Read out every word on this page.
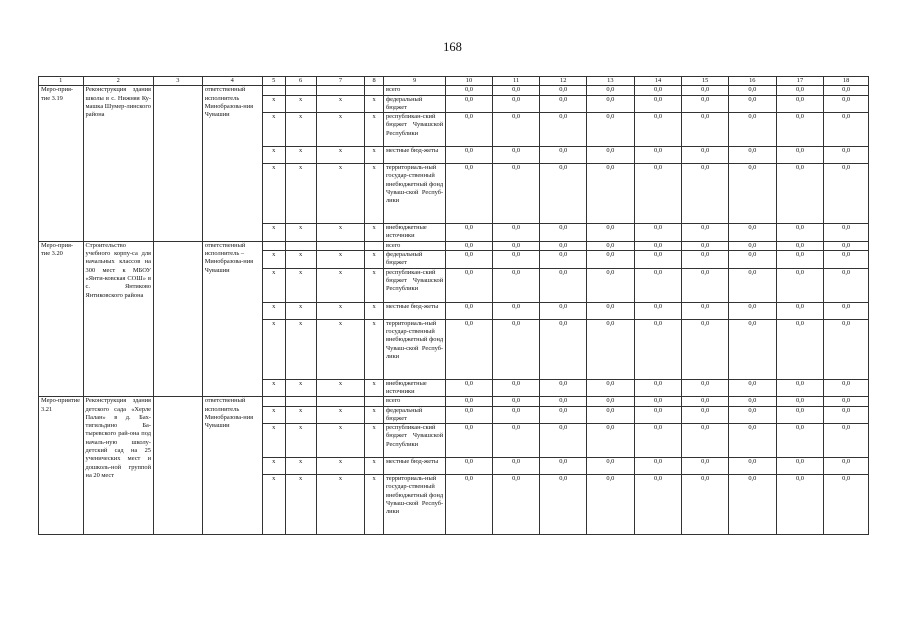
168
1	2	3	4	5	6	7	8	9	10	11	12	13	14	15	16	17	18
Меро-прия-тие 3.19	Реконструкция здания школы в с. Нижняя Ку-машка Шумер-линского района		ответственный исполнитель Минобразова-ния Чувашии					всего	0,0	0,0	0,0	0,0	0,0	0,0	0,0	0,0	0,0
				х	х	х	х	федеральный бюджет	0,0	0,0	0,0	0,0	0,0	0,0	0,0	0,0	0,0
				х	х	х	х	республикан-ский бюджет Чувашской Республики	0,0	0,0	0,0	0,0	0,0	0,0	0,0	0,0	0,0
				х	х	х	х	местные бюд-жеты	0,0	0,0	0,0	0,0	0,0	0,0	0,0	0,0	0,0
				х	х	х	х	территориаль-ный государ-ственный внебюджетный фонд Чуваш-ской Респуб-лики	0,0	0,0	0,0	0,0	0,0	0,0	0,0	0,0	0,0
				х	х	х	х	внебюджетные источники	0,0	0,0	0,0	0,0	0,0	0,0	0,0	0,0	0,0
Меро-прия-тие 3.20	Строительство учебного корпу-са для начальных классов на 300 мест к МБОУ «Янти-ковская СОШ» в с. Янтиково Янтиковского района		ответственный исполнитель – Минобразова-ния Чувашии					всего	0,0	0,0	0,0	0,0	0,0	0,0	0,0	0,0	0,0
				х	х	х	х	федеральный бюджет	0,0	0,0	0,0	0,0	0,0	0,0	0,0	0,0	0,0
				х	х	х	х	республикан-ский бюджет Чувашской Республики	0,0	0,0	0,0	0,0	0,0	0,0	0,0	0,0	0,0
				х	х	х	х	местные бюд-жеты	0,0	0,0	0,0	0,0	0,0	0,0	0,0	0,0	0,0
				х	х	х	х	территориаль-ный государ-ственный внебюджетный фонд Чуваш-ской Респуб-лики	0,0	0,0	0,0	0,0	0,0	0,0	0,0	0,0	0,0
				х	х	х	х	внебюджетные источники	0,0	0,0	0,0	0,0	0,0	0,0	0,0	0,0	0,0
Меро-приятие 3.21	Реконструкция здания детского сада «Херле Палан» в д. Бах-тигильдино Ба-тыревского рай-она под началь-ную школу-детский сад на 25 ученических мест и дошколь-ной группой на 20 мест		ответственный исполнитель Минобразова-ния Чувашии					всего	0,0	0,0	0,0	0,0	0,0	0,0	0,0	0,0	0,0
				х	х	х	х	федеральный бюджет	0,0	0,0	0,0	0,0	0,0	0,0	0,0	0,0	0,0
				х	х	х	х	республикан-ский бюджет Чувашской Республики	0,0	0,0	0,0	0,0	0,0	0,0	0,0	0,0	0,0
				х	х	х	х	местные бюд-жеты	0,0	0,0	0,0	0,0	0,0	0,0	0,0	0,0	0,0
				х	х	х	х	территориаль-ный государ-ственный внебюджетный фонд Чуваш-ской Респуб-лики	0,0	0,0	0,0	0,0	0,0	0,0	0,0	0,0	0,0
